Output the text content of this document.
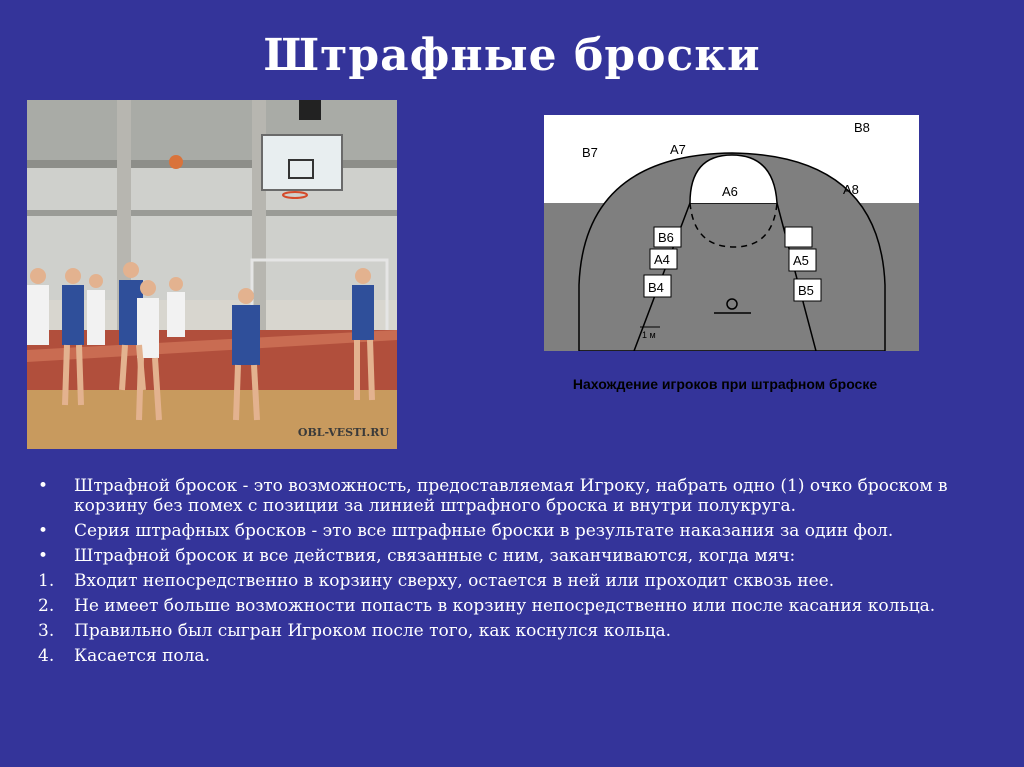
Штрафные броски
OBL-VESTI.RU
B7	A7
B8
A8
A6
B6
A4
B4
A5
B5
1 м
Нахождение игроков при штрафном броске
•	Штрафной бросок - это возможность, предоставляемая Игроку, набрать одно (1) очко броском в корзину без помех с позиции за линией штрафного броска и внутри полукруга.
•	Серия штрафных бросков - это все штрафные броски в результате наказания за один фол.
•	Штрафной бросок и все действия, связанные с ним, заканчиваются, когда мяч:
1.	Входит непосредственно в корзину сверху, остается в ней или проходит сквозь нее.
2.	Не имеет больше возможности попасть в корзину непосредственно или после касания кольца.
3.	Правильно был сыгран Игроком после того, как коснулся кольца.
4.	Касается пола.
